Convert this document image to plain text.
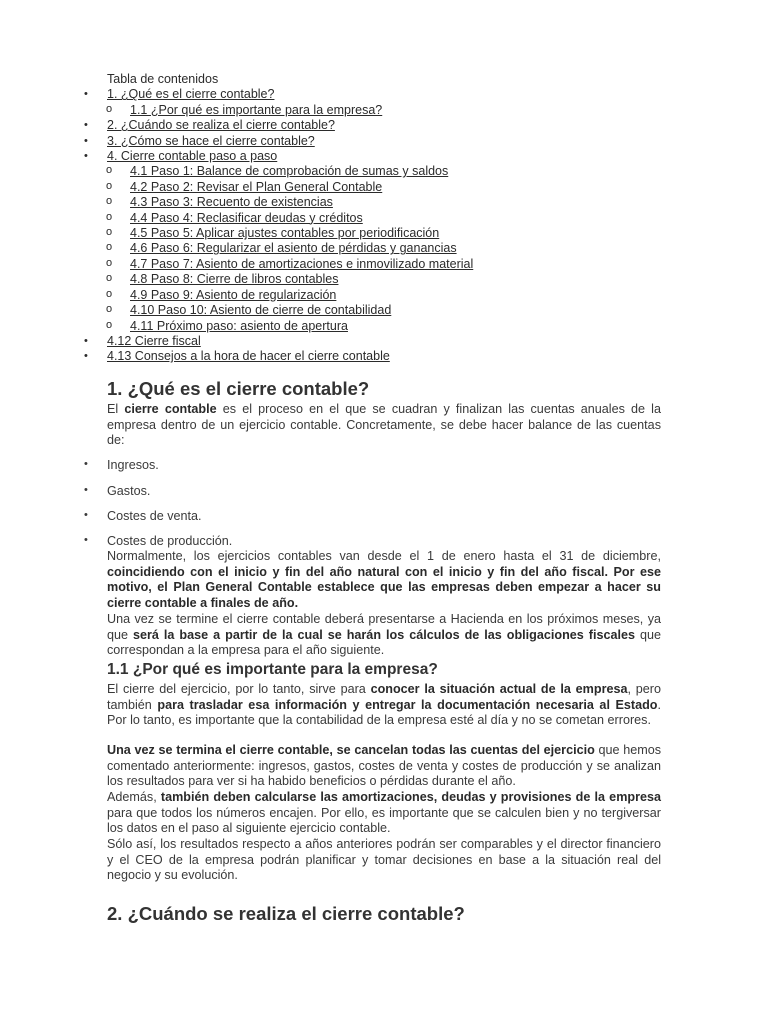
Tabla de contenidos
• 1. ¿Qué es el cierre contable?
o 1.1 ¿Por qué es importante para la empresa?
• 2. ¿Cuándo se realiza el cierre contable?
• 3. ¿Cómo se hace el cierre contable?
• 4. Cierre contable paso a paso
o 4.1 Paso 1: Balance de comprobación de sumas y saldos
o 4.2 Paso 2: Revisar el Plan General Contable
o 4.3 Paso 3: Recuento de existencias
o 4.4 Paso 4: Reclasificar deudas y créditos
o 4.5 Paso 5: Aplicar ajustes contables por periodificación
o 4.6 Paso 6: Regularizar el asiento de pérdidas y ganancias
o 4.7 Paso 7: Asiento de amortizaciones e inmovilizado material
o 4.8 Paso 8: Cierre de libros contables
o 4.9 Paso 9: Asiento de regularización
o 4.10 Paso 10: Asiento de cierre de contabilidad
o 4.11 Próximo paso: asiento de apertura
• 4.12 Cierre fiscal
• 4.13 Consejos a la hora de hacer el cierre contable
1. ¿Qué es el cierre contable?
El cierre contable es el proceso en el que se cuadran y finalizan las cuentas anuales de la empresa dentro de un ejercicio contable. Concretamente, se debe hacer balance de las cuentas de:
• Ingresos.
• Gastos.
• Costes de venta.
• Costes de producción.
Normalmente, los ejercicios contables van desde el 1 de enero hasta el 31 de diciembre, coincidiendo con el inicio y fin del año natural con el inicio y fin del año fiscal. Por ese motivo, el Plan General Contable establece que las empresas deben empezar a hacer su cierre contable a finales de año.
Una vez se termine el cierre contable deberá presentarse a Hacienda en los próximos meses, ya que será la base a partir de la cual se harán los cálculos de las obligaciones fiscales que correspondan a la empresa para el año siguiente.
1.1 ¿Por qué es importante para la empresa?
El cierre del ejercicio, por lo tanto, sirve para conocer la situación actual de la empresa, pero también para trasladar esa información y entregar la documentación necesaria al Estado. Por lo tanto, es importante que la contabilidad de la empresa esté al día y no se cometan errores.
Una vez se termina el cierre contable, se cancelan todas las cuentas del ejercicio que hemos comentado anteriormente: ingresos, gastos, costes de venta y costes de producción y se analizan los resultados para ver si ha habido beneficios o pérdidas durante el año.
Además, también deben calcularse las amortizaciones, deudas y provisiones de la empresa para que todos los números encajen. Por ello, es importante que se calculen bien y no tergiversar los datos en el paso al siguiente ejercicio contable.
Sólo así, los resultados respecto a años anteriores podrán ser comparables y el director financiero y el CEO de la empresa podrán planificar y tomar decisiones en base a la situación real del negocio y su evolución.
2. ¿Cuándo se realiza el cierre contable?
